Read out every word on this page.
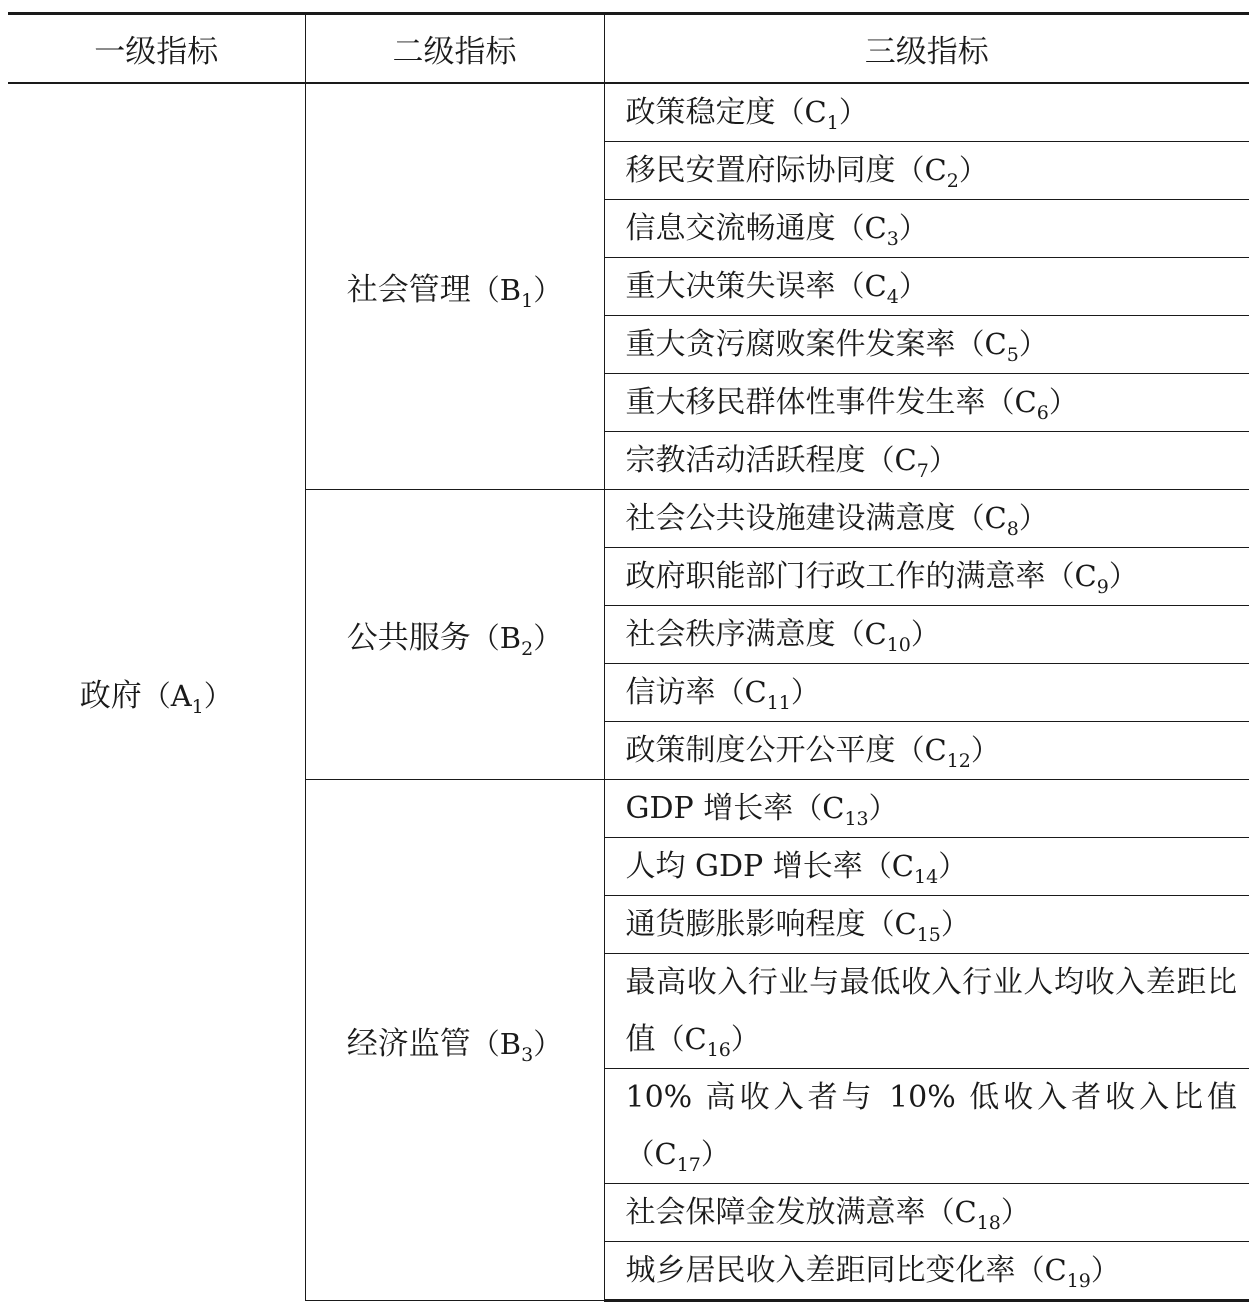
一级指标	二级指标	三级指标
政府$(A_1)$	社会管理$(B_1)$	政策稳定度$(C_1)$
		移民安置府际协同度$(C_2)$
		信息交流畅通度$(C_3)$
		重大决策失误率$(C_4)$
		重大贪污腐败案件发案率$(C_5)$
		重大移民群体性事件发生率$(C_6)$
		宗教活动活跃程度$(C_7)$
	公共服务$(B_2)$	社会公共设施建设满意度$(C_8)$
		政府职能部门行政工作的满意率$(C_9)$
		社会秩序满意度$(C_{10})$
		信访率$(C_{11})$
		政策制度公开公平度$(C_{12})$
	经济监管$(B_3)$	GDP 增长率$(C_{13})$
		人均 GDP 增长率$(C_{14})$
		通货膨胀影响程度$(C_{15})$
		最高收入行业与最低收入行业人均收入差距比值$(C_{16})$
		10% 高收入者与 10% 低收入者收入比值$(C_{17})$
		社会保障金发放满意率$(C_{18})$
		城乡居民收入差距同比变化率$(C_{19})$
